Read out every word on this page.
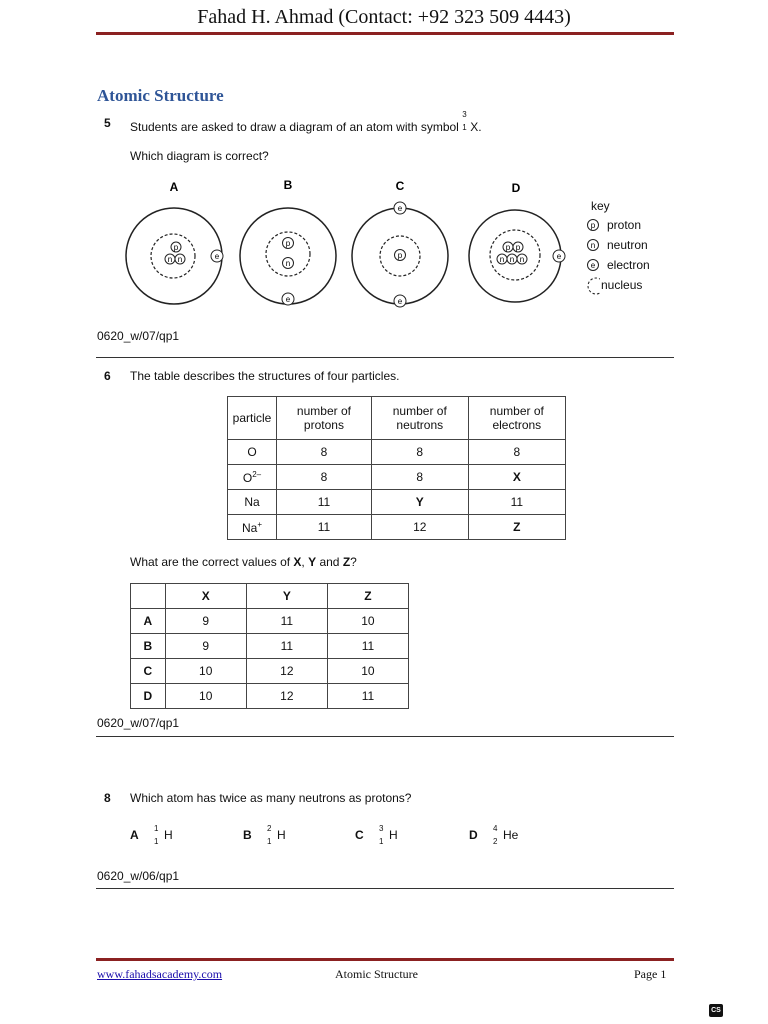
Fahad H. Ahmad (Contact: +92 323 509 4443)
Atomic Structure
5 Students are asked to draw a diagram of an atom with symbol
3
1 X.
Which diagram is correct?
A	B	C	D
p
n n	e
p
n
e
p
e
e
p p
n n n	e
key
p
n
e
proton
neutron
electron
nucleus
0620_w/07/qp1
6 The table describes the structures of four particles.
particle	number of protons	number of neutrons	number of electrons
O	8	8	8
$O^{2-}$	8	8	X
Na	11	Y	11
Na+	11	12	Z
What are the correct values of X, Y and Z?
	X	Y	Z
A	9	11	10
B	9	11	11
C	10	12	10
D	10	12	11
0620_w/07/qp1
8 Which atom has twice as many neutrons as protons?
A 1
1 H	B 2
1 H	C 3
1 H	D 4
2 He
0620_w/06/qp1
www.fahadsacademy.com	Atomic Structure	Page 1
CS
